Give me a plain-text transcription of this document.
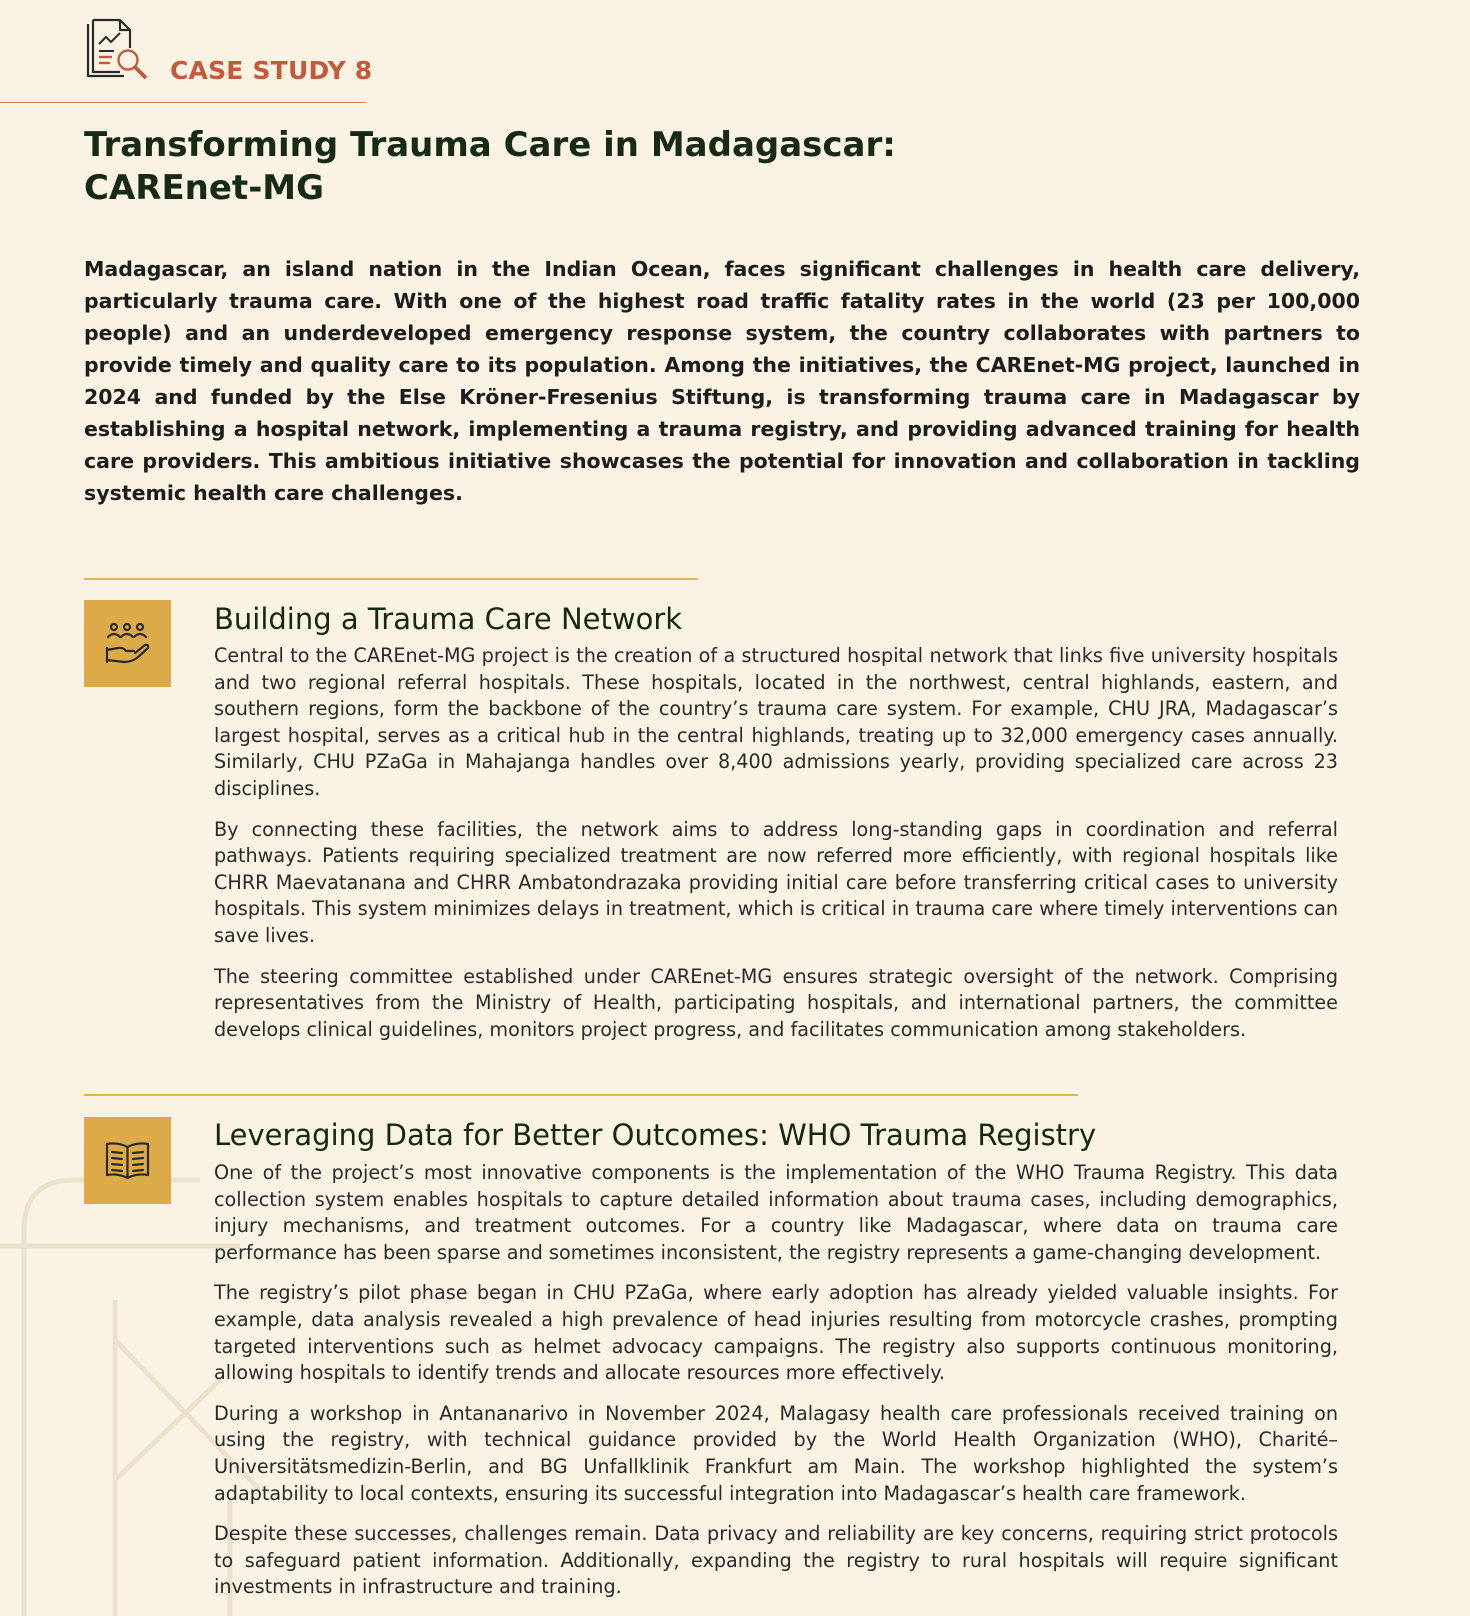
CASE STUDY 8
Transforming Trauma Care in Madagascar:
CAREnet-MG

Madagascar, an island nation in the Indian Ocean, faces significant challenges in health care delivery, particularly trauma care. With one of the highest road traffic fatality rates in the world (23 per 100,000 people) and an underdeveloped emergency response system, the country collaborates with partners to provide timely and quality care to its population. Among the initiatives, the CAREnet-MG project, launched in 2024 and funded by the Else Kröner-Fresenius Stiftung, is transforming trauma care in Madagascar by establishing a hospital network, implementing a trauma registry, and providing advanced training for health care providers. This ambitious initiative showcases the potential for innovation and collaboration in tackling systemic health care challenges.

Building a Trauma Care Network

Central to the CAREnet-MG project is the creation of a structured hospital network that links five university hospitals and two regional referral hospitals. These hospitals, located in the northwest, central highlands, eastern, and southern regions, form the backbone of the country’s trauma care system. For example, CHU JRA, Madagascar’s largest hospital, serves as a critical hub in the central highlands, treating up to 32,000 emergency cases annually. Similarly, CHU PZaGa in Mahajanga handles over 8,400 admissions yearly, providing specialized care across 23 disciplines.

By connecting these facilities, the network aims to address long-standing gaps in coordination and referral pathways. Patients requiring specialized treatment are now referred more efficiently, with regional hospitals like CHRR Maevatanana and CHRR Ambatondrazaka providing initial care before transferring critical cases to university hospitals. This system minimizes delays in treatment, which is critical in trauma care where timely interventions can save lives.

The steering committee established under CAREnet-MG ensures strategic oversight of the network. Comprising representatives from the Ministry of Health, participating hospitals, and international partners, the committee develops clinical guidelines, monitors project progress, and facilitates communication among stakeholders.

Leveraging Data for Better Outcomes: WHO Trauma Registry

One of the project’s most innovative components is the implementation of the WHO Trauma Registry. This data collection system enables hospitals to capture detailed information about trauma cases, including demographics, injury mechanisms, and treatment outcomes. For a country like Madagascar, where data on trauma care performance has been sparse and sometimes inconsistent, the registry represents a game-changing development.

The registry’s pilot phase began in CHU PZaGa, where early adoption has already yielded valuable insights. For example, data analysis revealed a high prevalence of head injuries resulting from motorcycle crashes, prompting targeted interventions such as helmet advocacy campaigns. The registry also supports continuous monitoring, allowing hospitals to identify trends and allocate resources more effectively.

During a workshop in Antananarivo in November 2024, Malagasy health care professionals received training on using the registry, with technical guidance provided by the World Health Organization (WHO), Charité–Universitätsmedizin-Berlin, and BG Unfallklinik Frankfurt am Main. The workshop highlighted the system’s adaptability to local contexts, ensuring its successful integration into Madagascar’s health care framework.

Despite these successes, challenges remain. Data privacy and reliability are key concerns, requiring strict protocols to safeguard patient information. Additionally, expanding the registry to rural hospitals will require significant investments in infrastructure and training.
